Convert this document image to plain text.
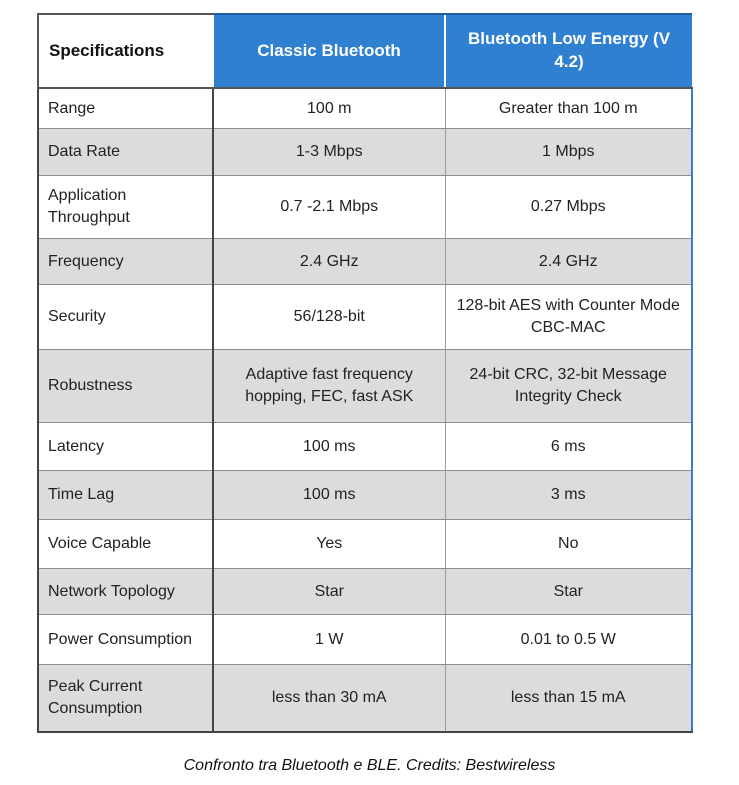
Specifications	Classic Bluetooth	Bluetooth Low Energy (V 4.2)
Range	100 m	Greater than 100 m
Data Rate	1-3 Mbps	1 Mbps
Application Throughput	0.7 -2.1 Mbps	0.27 Mbps
Frequency	2.4 GHz	2.4 GHz
Security	56/128-bit	128-bit AES with Counter Mode CBC-MAC
Robustness	Adaptive fast frequency hopping, FEC, fast ASK	24-bit CRC, 32-bit Message Integrity Check
Latency	100 ms	6 ms
Time Lag	100 ms	3 ms
Voice Capable	Yes	No
Network Topology	Star	Star
Power Consumption	1 W	0.01 to 0.5 W
Peak Current Consumption	less than 30 mA	less than 15 mA
Confronto tra Bluetooth e BLE. Credits: Bestwireless
